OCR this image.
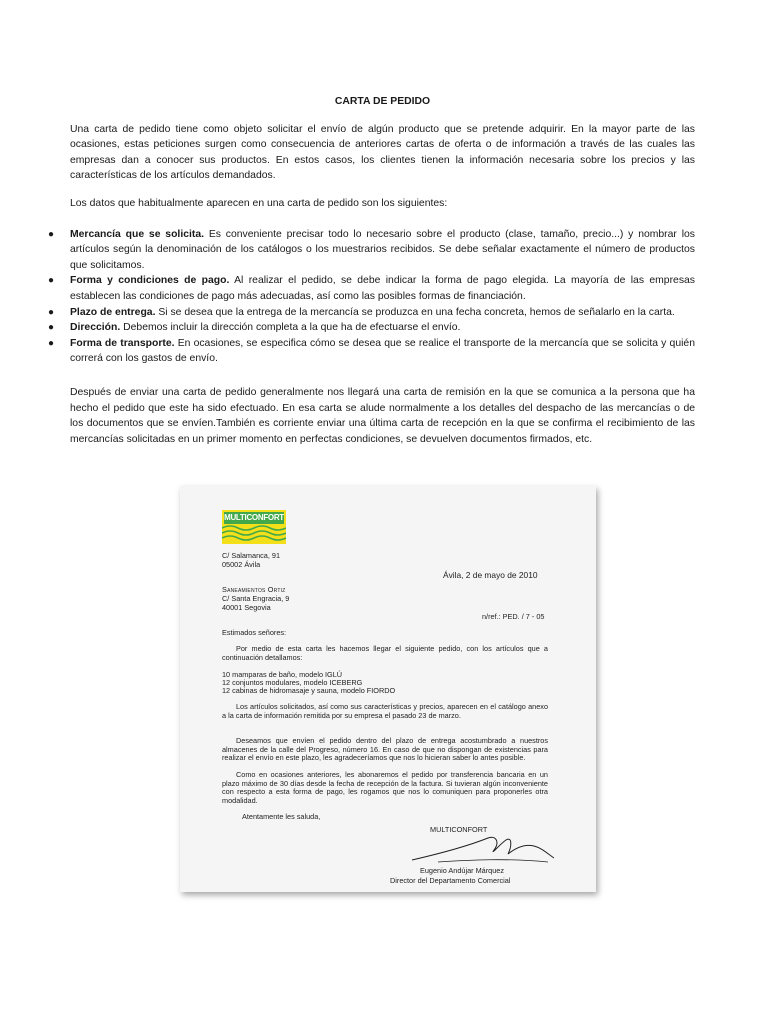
CARTA DE PEDIDO

Una carta de pedido tiene como objeto solicitar el envío de algún producto que se pretende adquirir. En la mayor parte de las ocasiones, estas peticiones surgen como consecuencia de anteriores cartas de oferta o de información a través de las cuales las empresas dan a conocer sus productos. En estos casos, los clientes tienen la información necesaria sobre los precios y las características de los artículos demandados.

Los datos que habitualmente aparecen en una carta de pedido son los siguientes:

● Mercancía que se solicita. Es conveniente precisar todo lo necesario sobre el producto (clase, tamaño, precio...) y nombrar los artículos según la denominación de los catálogos o los muestrarios recibidos. Se debe señalar exactamente el número de productos que solicitamos.
● Forma y condiciones de pago. Al realizar el pedido, se debe indicar la forma de pago elegida. La mayoría de las empresas establecen las condiciones de pago más adecuadas, así como las posibles formas de financiación.
● Plazo de entrega. Si se desea que la entrega de la mercancía se produzca en una fecha concreta, hemos de señalarlo en la carta.
● Dirección. Debemos incluir la dirección completa a la que ha de efectuarse el envío.
● Forma de transporte. En ocasiones, se especifica cómo se desea que se realice el transporte de la mercancía que se solicita y quién correrá con los gastos de envío.

Después de enviar una carta de pedido generalmente nos llegará una carta de remisión en la que se comunica a la persona que ha hecho el pedido que este ha sido efectuado. En esa carta se alude normalmente a los detalles del despacho de las mercancías o de los documentos que se envíen.También es corriente enviar una última carta de recepción en la que se confirma el recibimiento de las mercancías solicitadas en un primer momento en perfectas condiciones, se devuelven documentos firmados, etc.

MULTICONFORT
C/ Salamanca, 91
05002 Ávila
Ávila, 2 de mayo de 2010
Saneamientos Ortiz
C/ Santa Engracia, 9
40001 Segovia
n/ref.: PED. / 7 - 05
Estimados señores:

Por medio de esta carta les hacemos llegar el siguiente pedido, con los artículos que a continuación detallamos:

10 mamparas de baño, modelo IGLÚ
12 conjuntos modulares, modelo ICEBERG
12 cabinas de hidromasaje y sauna, modelo FIORDO

Los artículos solicitados, así como sus características y precios, aparecen en el catálogo anexo a la carta de información remitida por su empresa el pasado 23 de marzo.

Deseamos que envíen el pedido dentro del plazo de entrega acostumbrado a nuestros almacenes de la calle del Progreso, número 16. En caso de que no dispongan de existencias para realizar el envío en este plazo, les agradeceríamos que nos lo hicieran saber lo antes posible.

Como en ocasiones anteriores, les abonaremos el pedido por transferencia bancaria en un plazo máximo de 30 días desde la fecha de recepción de la factura. Si tuvieran algún inconveniente con respecto a esta forma de pago, les rogamos que nos lo comuniquen para proponerles otra modalidad.

Atentamente les saluda,
MULTICONFORT
Eugenio Andújar Márquez
Director del Departamento Comercial
